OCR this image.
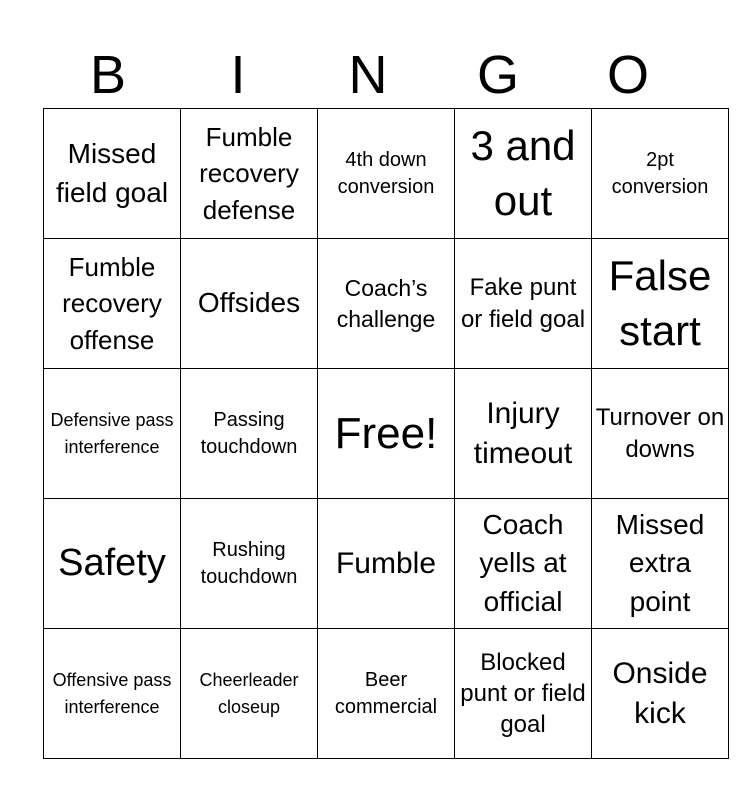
B	I	N	G	O
Missed field goal	Fumble recovery defense	4th down conversion	3 and out	2pt conversion
Fumble recovery offense	Offsides	Coach’s challenge	Fake punt or field goal	False start
Defensive pass interference	Passing touchdown	Free!	Injury timeout	Turnover on downs
Safety	Rushing touchdown	Fumble	Coach yells at official	Missed extra point
Offensive pass interference	Cheerleader closeup	Beer commercial	Blocked punt or field goal	Onside kick
